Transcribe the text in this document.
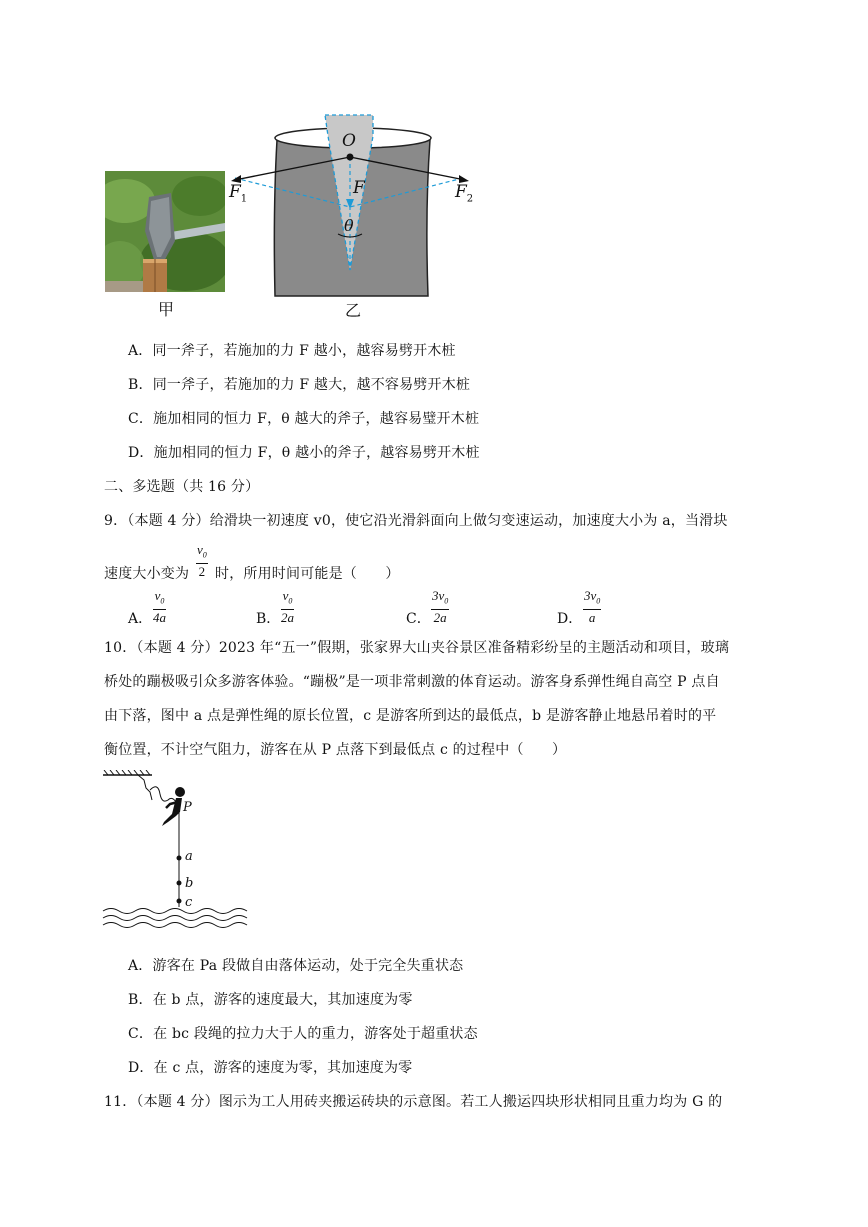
甲
O
F
$F_1$	$F_2$
θ
乙
A．同一斧子，若施加的力 F 越小，越容易劈开木桩
B．同一斧子，若施加的力 F 越大，越不容易劈开木桩
C．施加相同的恒力 F，θ 越大的斧子，越容易璧开木桩
D．施加相同的恒力 F，θ 越小的斧子，越容易劈开木桩
二、多选题（共 16 分）
9．（本题 4 分）给滑块一初速度 v0，使它沿光滑斜面向上做匀变速运动，加速度大小为 a，当滑块
速度大小变为 $\frac{v_0}{2}$ 时，所用时间可能是（　　）
A． $\frac{v_0}{4a}$	B． $\frac{v_0}{2a}$	C． $\frac{3v_0}{2a}$	D． $\frac{3v_0}{a}$
10．（本题 4 分）2023 年“五一”假期，张家界大山夹谷景区准备精彩纷呈的主题活动和项目，玻璃
桥处的蹦极吸引众多游客体验。“蹦极”是一项非常刺激的体育运动。游客身系弹性绳自高空 P 点自
由下落，图中 a 点是弹性绳的原长位置，c 是游客所到达的最低点，b 是游客静止地悬吊着时的平
衡位置，不计空气阻力，游客在从 P 点落下到最低点 c 的过程中（　　）
P
a
b
c
A．游客在 Pa 段做自由落体运动，处于完全失重状态
B．在 b 点，游客的速度最大，其加速度为零
C．在 bc 段绳的拉力大于人的重力，游客处于超重状态
D．在 c 点，游客的速度为零，其加速度为零
11．（本题 4 分）图示为工人用砖夹搬运砖块的示意图。若工人搬运四块形状相同且重力均为 G 的
